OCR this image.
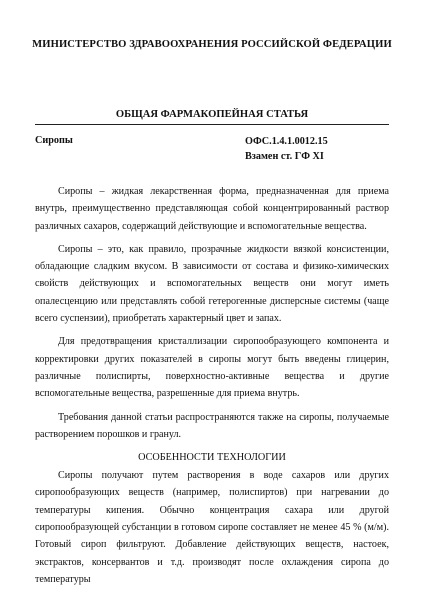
МИНИСТЕРСТВО ЗДРАВООХРАНЕНИЯ РОССИЙСКОЙ ФЕДЕРАЦИИ
ОБЩАЯ ФАРМАКОПЕЙНАЯ СТАТЬЯ
Сиропы	ОФС.1.4.1.0012.15
Взамен ст. ГФ XI

Сиропы – жидкая лекарственная форма, предназначенная для приема внутрь, преимущественно представляющая собой концентрированный раствор различных сахаров, содержащий действующие и вспомогательные вещества.

Сиропы – это, как правило, прозрачные жидкости вязкой консистенции, обладающие сладким вкусом. В зависимости от состава и физико-химических свойств действующих и вспомогательных веществ они могут иметь опалесценцию или представлять собой гетерогенные дисперсные системы (чаще всего суспензии), приобретать характерный цвет и запах.

Для предотвращения кристаллизации сиропообразующего компонента и корректировки других показателей в сиропы могут быть введены глицерин, различные полиспирты, поверхностно-активные вещества и другие вспомогательные вещества, разрешенные для приема внутрь.

Требования данной статьи распространяются также на сиропы, получаемые растворением порошков и гранул.

ОСОБЕННОСТИ ТЕХНОЛОГИИ

Сиропы получают путем растворения в воде сахаров или других сиропообразующих веществ (например, полиспиртов) при нагревании до температуры кипения. Обычно концентрация сахара или другой сиропообразующей субстанции в готовом сиропе составляет не менее 45 % (м/м). Готовый сироп фильтруют. Добавление действующих веществ, настоек, экстрактов, консервантов и т.д. производят после охлаждения сиропа до температуры
